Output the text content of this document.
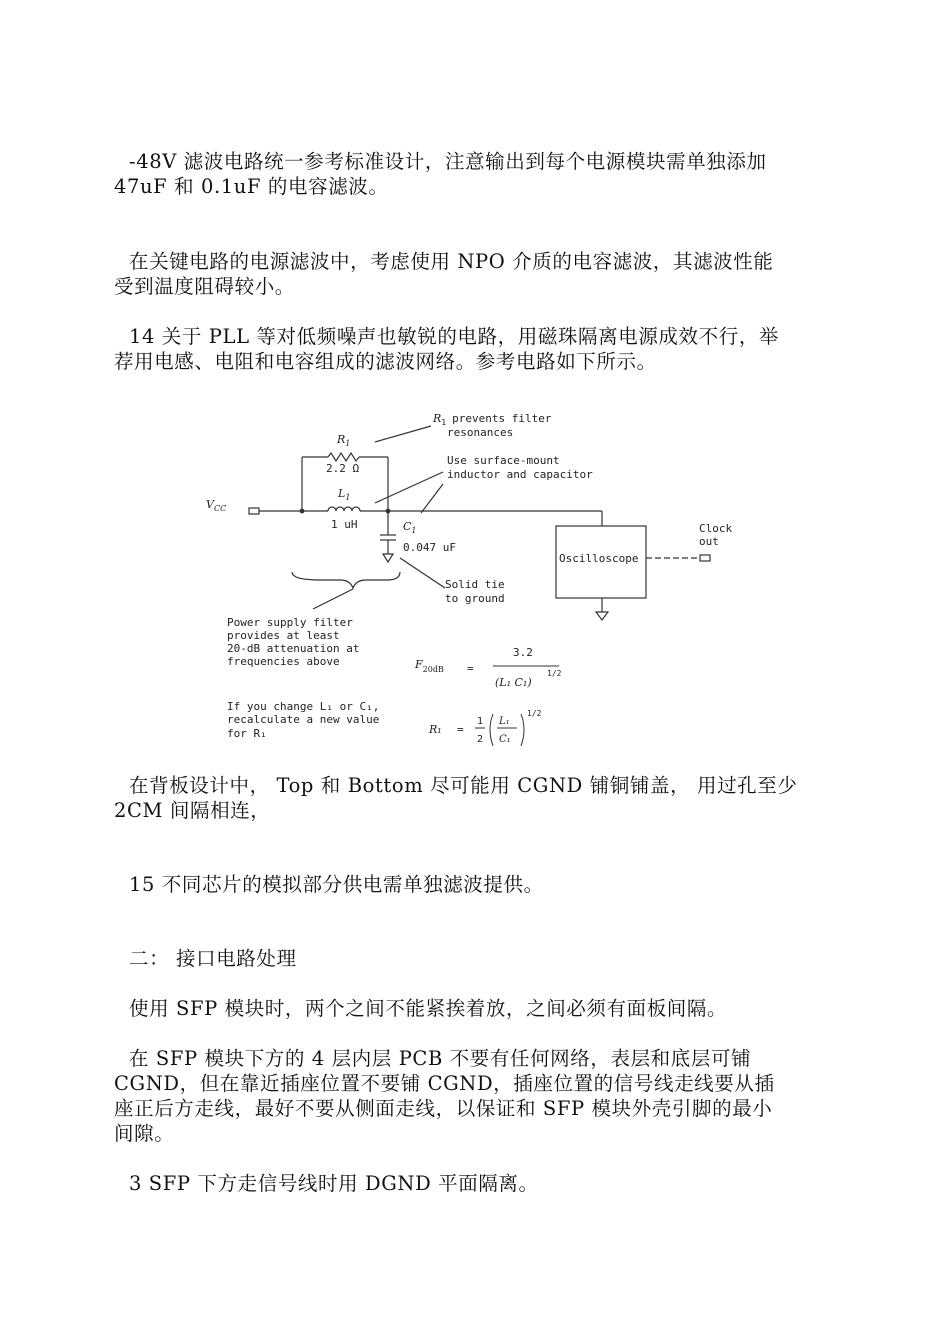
-48V 滤波电路统一参考标准设计，注意输出到每个电源模块需单独添加
47uF 和 0.1uF 的电容滤波。

在关键电路的电源滤波中，考虑使用 NPO 介质的电容滤波，其滤波性能
受到温度阻碍较小。

14 关于 PLL 等对低频噪声也敏锐的电路，用磁珠隔离电源成效不行，举
荐用电感、电阻和电容组成的滤波网络。参考电路如下所示。

$V_{CC}$
$R_1$
2.2 Ω
$L_1$
1 uH	$C_1$
0.047 uF
$R_1$ prevents filter
resonances
Use surface-mount
inductor and capacitor
Oscilloscope
Clock
out
Solid tie
to ground
Power supply filter
provides at least
20-dB attenuation at
frequencies above	$F_{20dB}$ =
3.2
(L₁ C₁)
1/2
If you change L₁ or C₁,
recalculate a new value
for R₁	R₁ =
1
2
L₁
C₁
1/2

在背板设计中， Top 和 Bottom 尽可能用 CGND 铺铜铺盖， 用过孔至少
2CM 间隔相连，

15 不同芯片的模拟部分供电需单独滤波提供。

二： 接口电路处理

使用 SFP 模块时，两个之间不能紧挨着放，之间必须有面板间隔。

在 SFP 模块下方的 4 层内层 PCB 不要有任何网络，表层和底层可铺
CGND，但在靠近插座位置不要铺 CGND，插座位置的信号线走线要从插
座正后方走线，最好不要从侧面走线，以保证和 SFP 模块外壳引脚的最小
间隙。

3 SFP 下方走信号线时用 DGND 平面隔离。
